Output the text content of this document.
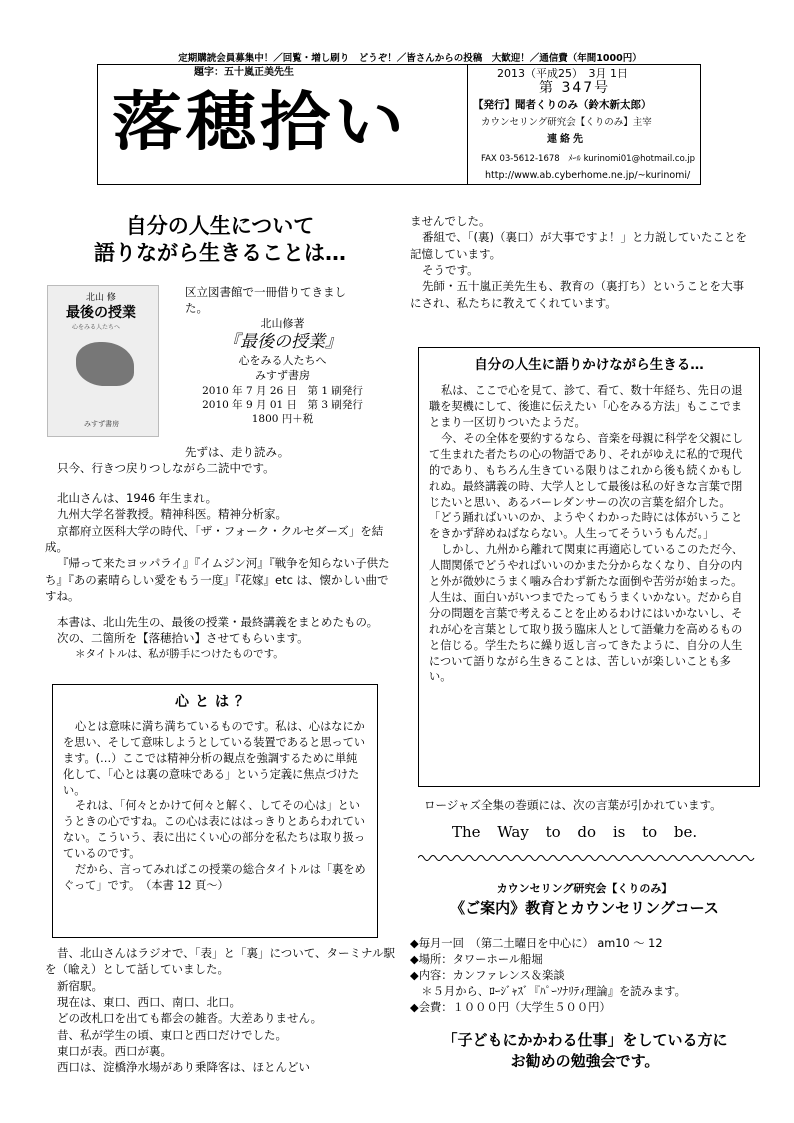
定期購読会員募集中！／回覧・増し刷り　どうぞ！／皆さんからの投稿　大歓迎！／通信費（年間1000円）
題字：五十嵐正美先生
落穂拾い
2013（平成25）　3月 1日
第 347号
【発行】聞者くりのみ（鈴木新太郎）
カウンセリング研究会【くりのみ】主宰
連絡先
FAX 03-5612-1678　ﾒｰﾙ kurinomi01@hotmail.co.jp
http://www.ab.cyberhome.ne.jp/~kurinomi/
自分の人生について
語りながら生きることは…
北山 修
最後の授業
心をみる人たちへ
みすず書房
区立図書館で一冊借りてきまし
た。
北山修著
『最後の授業』
心をみる人たちへ
みすず書房
2010 年 7 月 26 日　第 1 刷発行
2010 年 9 月 01 日　第 3 刷発行
1800 円＋税
先ずは、走り読み。
只今、行きつ戻りつしながら二読中です。
北山さんは、1946 年生まれ。
九州大学名誉教授。精神科医。精神分析家。
京都府立医科大学の時代、「ザ・フォーク・クルセダーズ」を結成。
『帰って来たヨッパライ』『イムジン河』『戦争を知らない子供たち』『あの素晴らしい愛をもう一度』『花嫁』etc は、懐かしい曲ですね。
本書は、北山先生の、最後の授業・最終講義をまとめたもの。
次の、二箇所を【落穂拾い】させてもらいます。
＊タイトルは、私が勝手につけたものです。
心とは？

心とは意味に満ち満ちているものです。私は、心はなにかを思い、そして意味しようとしている装置であると思っています。(…）ここでは精神分析の観点を強調するために単純化して、「心とは裏の意味である」という定義に焦点づけたい。

それは、「何々とかけて何々と解く、してその心は」というときの心ですね。この心は表にははっきりとあらわれていない。こういう、表に出にくい心の部分を私たちは取り扱っているのです。

だから、言ってみればこの授業の総合タイトルは「裏をめぐって」です。　（本書 12 頁～）

昔、北山さんはラジオで、「表」と「裏」について、ターミナル駅を（喩え）として話していました。
新宿駅。
現在は、東口、西口、南口、北口。
どの改札口を出ても都会の雑沓。大差ありません。
昔、私が学生の頃、東口と西口だけでした。
東口が表。西口が裏。
西口は、淀橋浄水場があり乗降客は、ほとんどい
ませんでした。
番組で、「(裏)（裏口）が大事ですよ！」と力説していたことを記憶しています。
そうです。
先師・五十嵐正美先生も、教育の（裏打ち）ということを大事にされ、私たちに教えてくれています。
自分の人生に語りかけながら生きる…

私は、ここで心を見て、診て、看て、数十年経ち、先日の退職を契機にして、後進に伝えたい「心をみる方法」もここでまとまり一区切りついたようだ。

今、その全体を要約するなら、音楽を母親に科学を父親にして生まれた者たちの心の物語であり、それがゆえに私的で現代的であり、もちろん生きている限りはこれから後も続くかもしれぬ。最終講義の時、大学人として最後は私の好きな言葉で閉じたいと思い、あるバーレダンサーの次の言葉を紹介した。

「どう踊ればいいのか、ようやくわかった時には体がいうことをきかず辞めねばならない。人生ってそういうもんだ。」

しかし、九州から離れて関東に再適応しているこのただ今、人間関係でどうやればいいのかまた分からなくなり、自分の内と外が微妙にうまく噛み合わず新たな面倒や苦労が始まった。人生は、面白いがいつまでたってもうまくいかない。だから自分の問題を言葉で考えることを止めるわけにはいかないし、それが心を言葉として取り扱う臨床人として語彙力を高めるものと信じる。学生たちに繰り返し言ってきたように、自分の人生について語りながら生きることは、苦しいが楽しいことも多い。

ロージャズ全集の巻頭には、次の言葉が引かれています。
The Way to do is to be.
カウンセリング研究会【くりのみ】
《ご案内》教育とカウンセリングコース
◆毎月一回　（第二土曜日を中心に） am10 ～ 12
◆場所：タワーホール船堀
◆内容：カンファレンス＆楽談
　＊５月から、ﾛｰｼﾞｬｽﾞ『ﾊﾟｰｿﾅﾘﾃｨ理論』を読みます。
◆会費：１０００円（大学生５００円）
「子どもにかかわる仕事」をしている方に
お勧めの勉強会です。
